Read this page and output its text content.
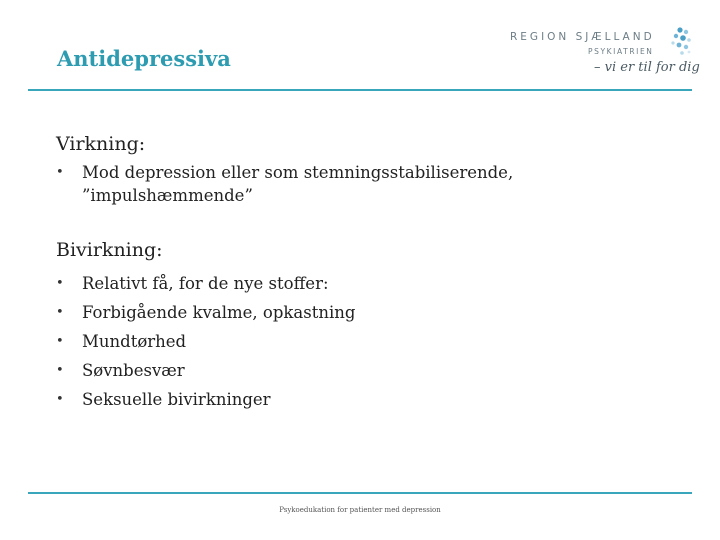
Antidepressiva
REGION SJÆLLAND
PSYKIATRIEN
– vi er til for dig
Virkning:
• Mod depression eller som stemningsstabiliserende, ”impulshæmmende”
Bivirkning:
• Relativt få, for de nye stoffer:
• Forbigående kvalme, opkastning
• Mundtørhed
• Søvnbesvær
• Seksuelle bivirkninger
Psykoedukation for patienter med depression
